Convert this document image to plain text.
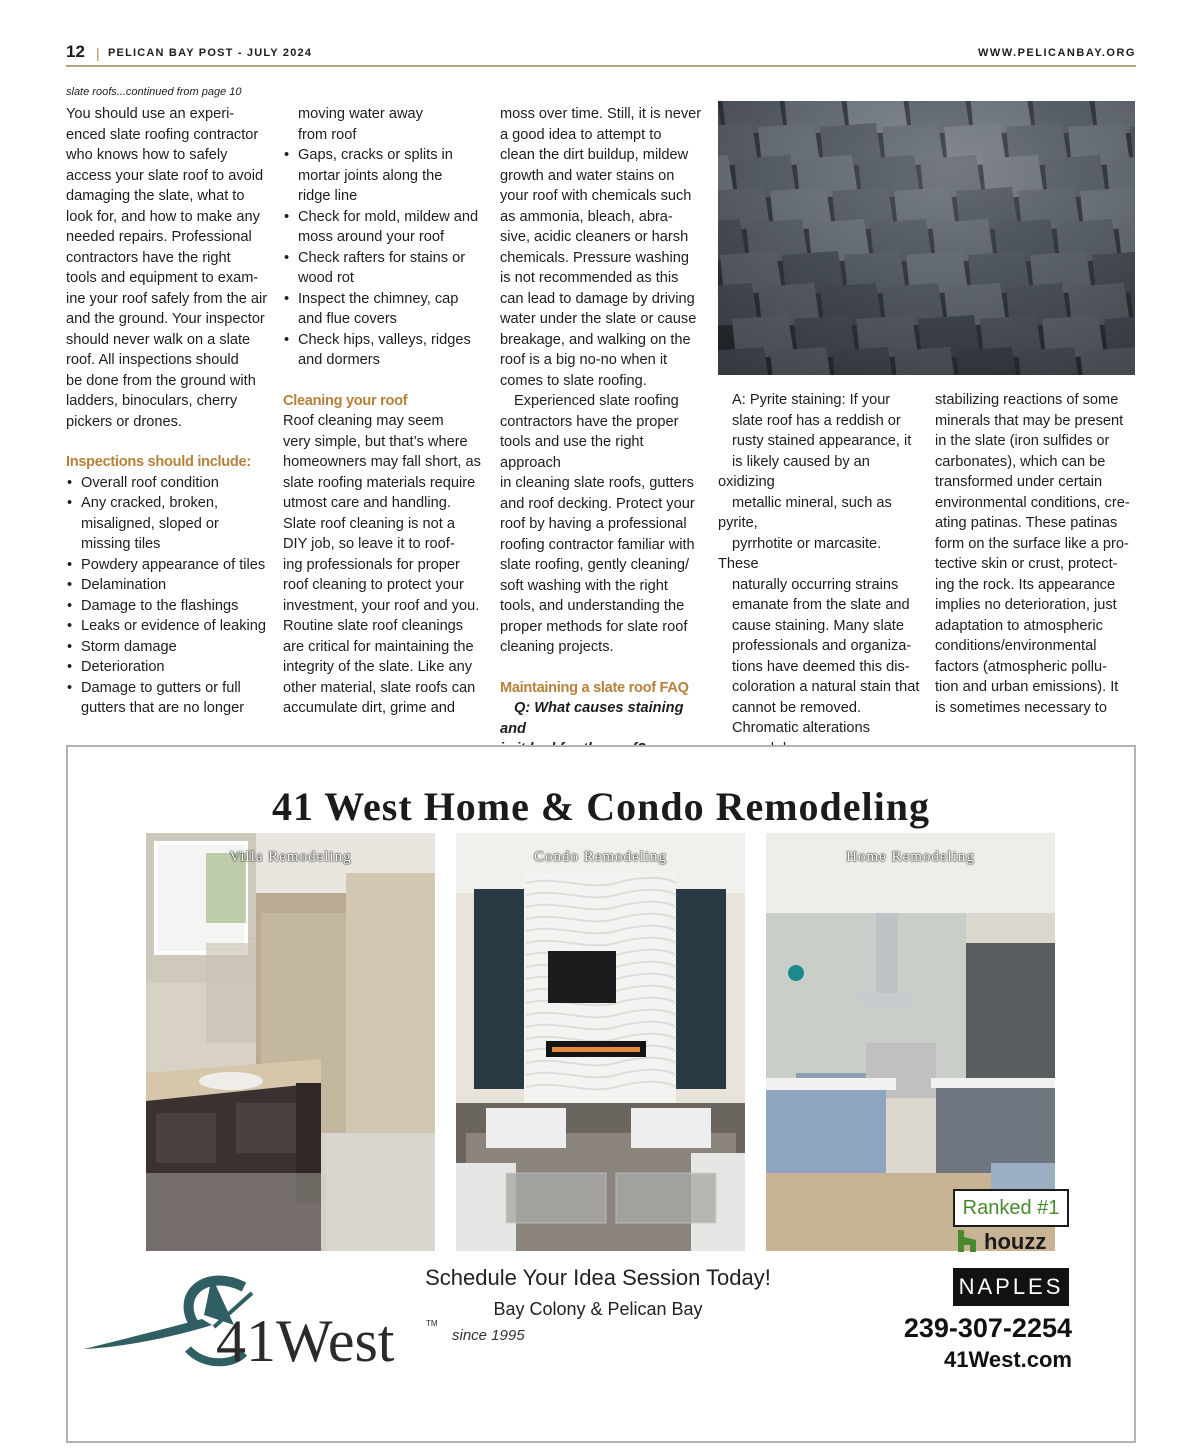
12 | PELICAN BAY POST - JULY 2024	WWW.PELICANBAY.ORG
slate roofs...continued from page 10
You should use an experi-
enced slate roofing contractor
who knows how to safely
access your slate roof to avoid
damaging the slate, what to
look for, and how to make any
needed repairs. Professional
contractors have the right
tools and equipment to exam-
ine your roof safely from the air
and the ground. Your inspector
should never walk on a slate
roof. All inspections should
be done from the ground with
ladders, binoculars, cherry
pickers or drones.

Inspections should include:

• Overall roof condition
• Any cracked, broken,
misaligned, sloped or
missing tiles
• Powdery appearance of tiles
• Delamination
• Damage to the flashings
• Leaks or evidence of leaking
• Storm damage
• Deterioration
• Damage to gutters or full
gutters that are no longer
moving water away
from roof
• Gaps, cracks or splits in
mortar joints along the
ridge line
• Check for mold, mildew and
moss around your roof
• Check rafters for stains or
wood rot
• Inspect the chimney, cap
and flue covers
• Check hips, valleys, ridges
and dormers

Cleaning your roof

Roof cleaning may seem
very simple, but that’s where
homeowners may fall short, as
slate roofing materials require
utmost care and handling.
Slate roof cleaning is not a
DIY job, so leave it to roof-
ing professionals for proper
roof cleaning to protect your
investment, your roof and you.
Routine slate roof cleanings
are critical for maintaining the
integrity of the slate. Like any
other material, slate roofs can
accumulate dirt, grime and
moss over time. Still, it is never
a good idea to attempt to
clean the dirt buildup, mildew
growth and water stains on
your roof with chemicals such
as ammonia, bleach, abra-
sive, acidic cleaners or harsh
chemicals. Pressure washing
is not recommended as this
can lead to damage by driving
water under the slate or cause
breakage, and walking on the
roof is a big no-no when it
comes to slate roofing.
Experienced slate roofing
contractors have the proper
tools and use the right approach
in cleaning slate roofs, gutters
and roof decking. Protect your
roof by having a professional
roofing contractor familiar with
slate roofing, gently cleaning/
soft washing with the right
tools, and understanding the
proper methods for slate roof
cleaning projects.

Maintaining a slate roof FAQ

Q: What causes staining and
A: Pyrite staining: If your
slate roof has a reddish or
rusty stained appearance, it
is likely caused by an oxidizing
metallic mineral, such as pyrite,
pyrrhotite or marcasite. These
naturally occurring strains
emanate from the slate and
cause staining. Many slate
professionals and organiza-
tions have deemed this dis-
coloration a natural stain that
cannot be removed.
Chromatic alterations
stabilizing reactions of some
minerals that may be present
in the slate (iron sulfides or
carbonates), which can be
transformed under certain
environmental conditions, cre-
ating patinas. These patinas
form on the surface like a pro-
tective skin or crust, protect-
ing the rock. Its appearance
implies no deterioration, just
adaptation to atmospheric
conditions/environmental
factors (atmospheric pollu-
tion and urban emissions). It
is sometimes necessary to
41 West Home & Condo Remodeling
Villa Remodeling	Condo Remodeling	Home Remodeling
Ranked #1
houzz
NAPLES
41West	TM
Schedule Your Idea Session Today!
Bay Colony & Pelican Bay
since 1995	239-307-2254
41West.com
